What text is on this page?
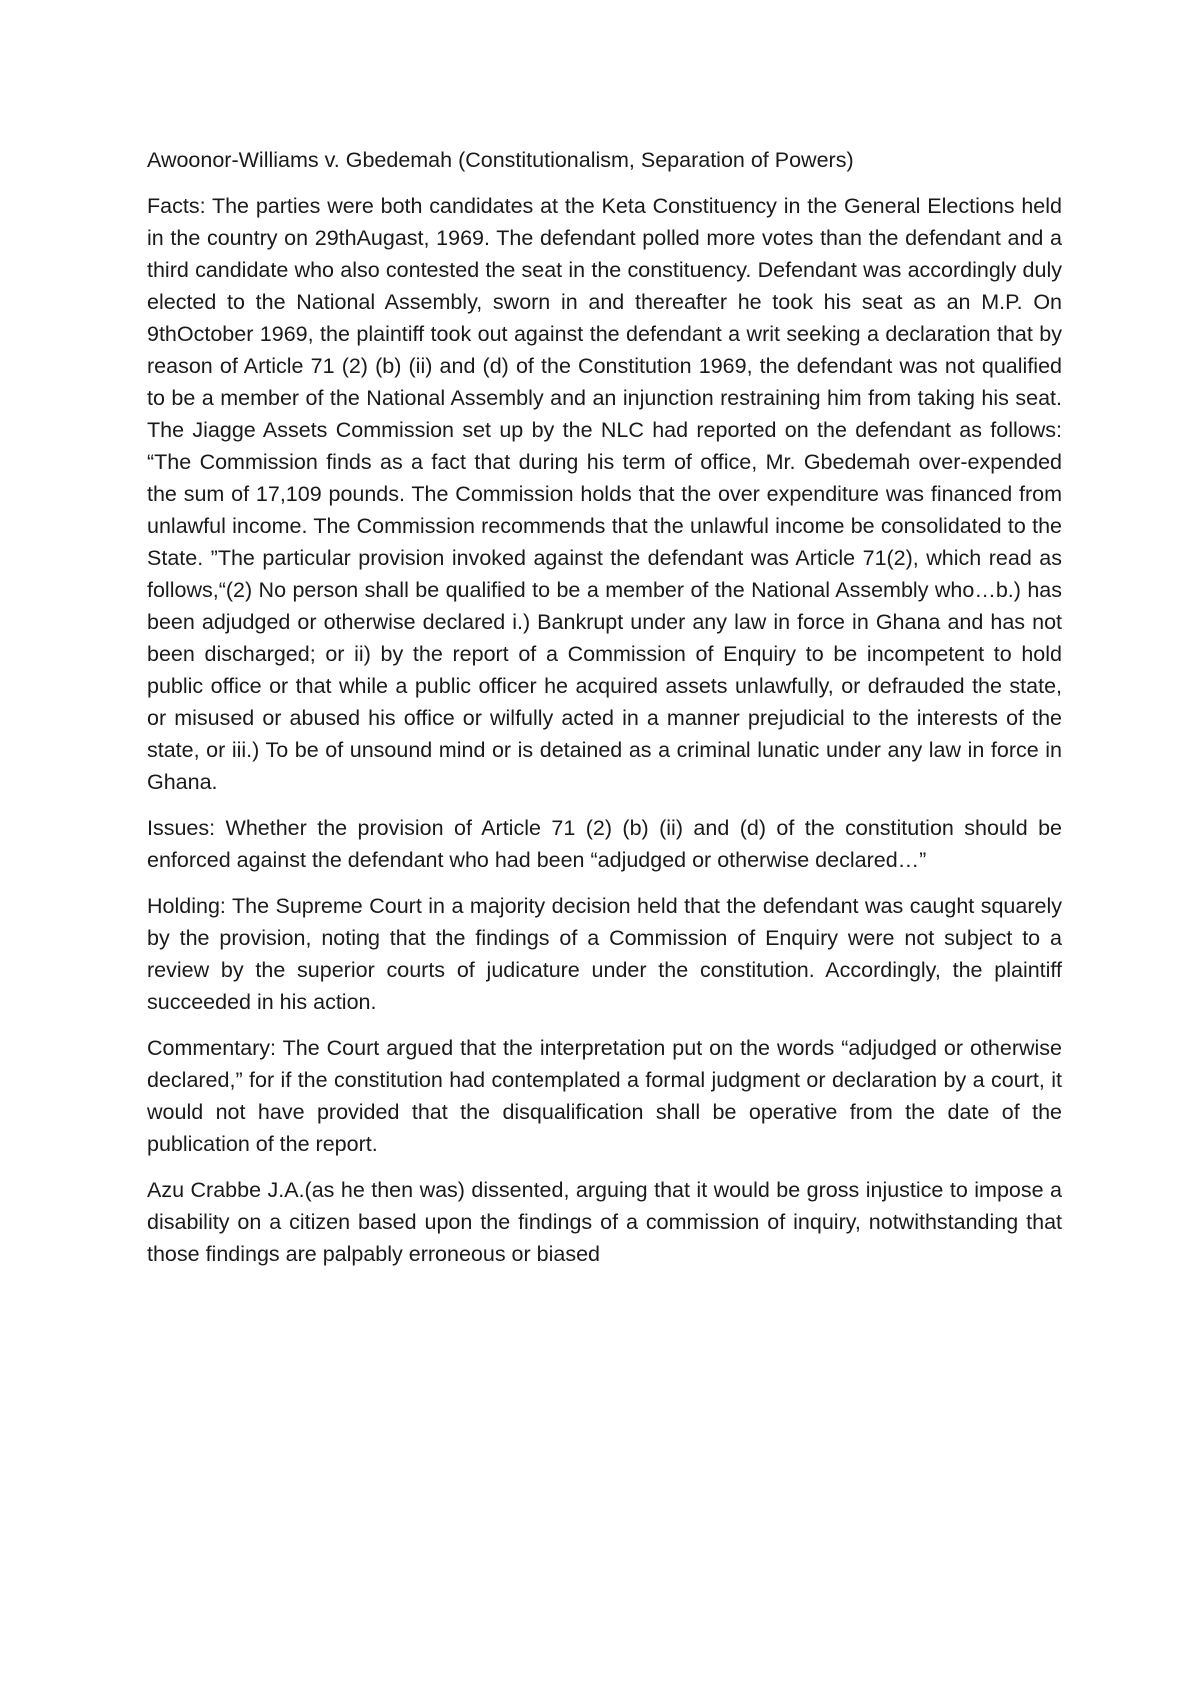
Awoonor-Williams v. Gbedemah (Constitutionalism, Separation of Powers)

Facts: The parties were both candidates at the Keta Constituency in the General Elections held in the country on 29thAugast, 1969. The defendant polled more votes than the defendant and a third candidate who also contested the seat in the constituency. Defendant was accordingly duly elected to the National Assembly, sworn in and thereafter he took his seat as an M.P. On 9thOctober 1969, the plaintiff took out against the defendant a writ seeking a declaration that by reason of Article 71 (2) (b) (ii) and (d) of the Constitution 1969, the defendant was not qualified to be a member of the National Assembly and an injunction restraining him from taking his seat. The Jiagge Assets Commission set up by the NLC had reported on the defendant as follows: “The Commission finds as a fact that during his term of office, Mr. Gbedemah over-expended the sum of 17,109 pounds. The Commission holds that the over expenditure was financed from unlawful income. The Commission recommends that the unlawful income be consolidated to the State. ”The particular provision invoked against the defendant was Article 71(2), which read as follows,“(2) No person shall be qualified to be a member of the National Assembly who…b.) has been adjudged or otherwise declared i.) Bankrupt under any law in force in Ghana and has not been discharged; or ii) by the report of a Commission of Enquiry to be incompetent to hold public office or that while a public officer he acquired assets unlawfully, or defrauded the state, or misused or abused his office or wilfully acted in a manner prejudicial to the interests of the state, or iii.) To be of unsound mind or is detained as a criminal lunatic under any law in force in Ghana.

Issues: Whether the provision of Article 71 (2) (b) (ii) and (d) of the constitution should be enforced against the defendant who had been “adjudged or otherwise declared…”

Holding: The Supreme Court in a majority decision held that the defendant was caught squarely by the provision, noting that the findings of a Commission of Enquiry were not subject to a review by the superior courts of judicature under the constitution. Accordingly, the plaintiff succeeded in his action.

Commentary: The Court argued that the interpretation put on the words “adjudged or otherwise declared,” for if the constitution had contemplated a formal judgment or declaration by a court, it would not have provided that the disqualification shall be operative from the date of the publication of the report.

Azu Crabbe J.A.(as he then was) dissented, arguing that it would be gross injustice to impose a disability on a citizen based upon the findings of a commission of inquiry, notwithstanding that those findings are palpably erroneous or biased
